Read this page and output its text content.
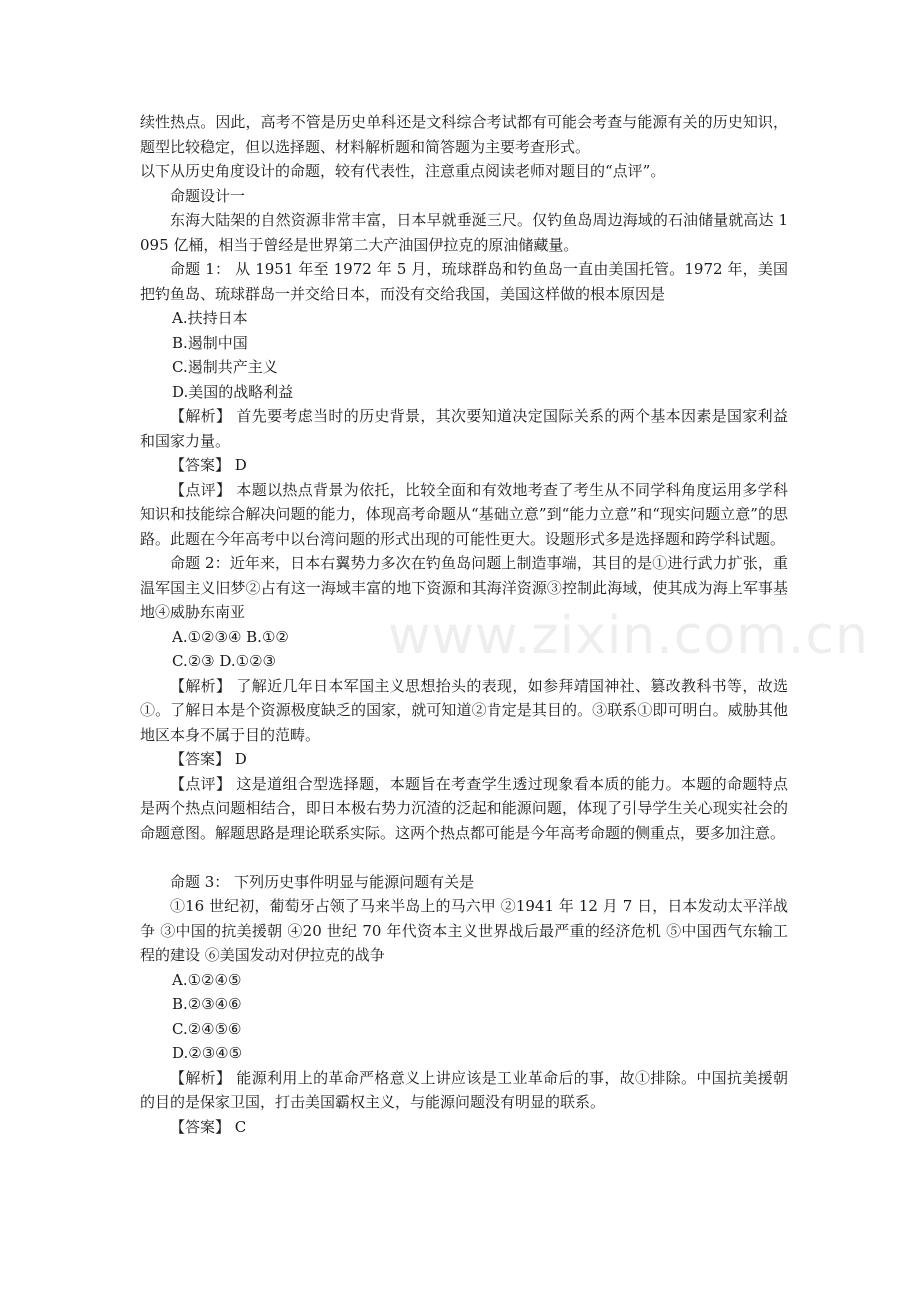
续性热点。因此，高考不管是历史单科还是文科综合考试都有可能会考查与能源有关的历史知识，题型比较稳定，但以选择题、材料解析题和简答题为主要考查形式。

以下从历史角度设计的命题，较有代表性，注意重点阅读老师对题目的“点评”。

命题设计一

东海大陆架的自然资源非常丰富，日本早就垂涎三尺。仅钓鱼岛周边海域的石油储量就高达 1095 亿桶，相当于曾经是世界第二大产油国伊拉克的原油储藏量。

命题 1： 从 1951 年至 1972 年 5 月，琉球群岛和钓鱼岛一直由美国托管。1972 年，美国把钓鱼岛、琉球群岛一并交给日本，而没有交给我国，美国这样做的根本原因是

A.扶持日本

B.遏制中国

C.遏制共产主义

D.美国的战略利益

【解析】 首先要考虑当时的历史背景，其次要知道决定国际关系的两个基本因素是国家利益和国家力量。

【答案】 D

【点评】 本题以热点背景为依托，比较全面和有效地考查了考生从不同学科角度运用多学科知识和技能综合解决问题的能力，体现高考命题从“基础立意”到“能力立意”和“现实问题立意”的思路。此题在今年高考中以台湾问题的形式出现的可能性更大。设题形式多是选择题和跨学科试题。

命题 2：近年来，日本右翼势力多次在钓鱼岛问题上制造事端，其目的是①进行武力扩张，重温军国主义旧梦②占有这一海域丰富的地下资源和其海洋资源③控制此海域，使其成为海上军事基地④威胁东南亚

A.①②③④ B.①②

C.②③ D.①②③

【解析】 了解近几年日本军国主义思想抬头的表现，如参拜靖国神社、篡改教科书等，故选①。了解日本是个资源极度缺乏的国家，就可知道②肯定是其目的。③联系①即可明白。威胁其他地区本身不属于目的范畴。

【答案】 D

【点评】 这是道组合型选择题，本题旨在考查学生透过现象看本质的能力。本题的命题特点是两个热点问题相结合，即日本极右势力沉渣的泛起和能源问题，体现了引导学生关心现实社会的命题意图。解题思路是理论联系实际。这两个热点都可能是今年高考命题的侧重点，要多加注意。

命题 3： 下列历史事件明显与能源问题有关是

①16 世纪初，葡萄牙占领了马来半岛上的马六甲 ②1941 年 12 月 7 日，日本发动太平洋战争 ③中国的抗美援朝 ④20 世纪 70 年代资本主义世界战后最严重的经济危机 ⑤中国西气东输工程的建设 ⑥美国发动对伊拉克的战争

A.①②④⑤

B.②③④⑥

C.②④⑤⑥

D.②③④⑤

【解析】 能源利用上的革命严格意义上讲应该是工业革命后的事，故①排除。中国抗美援朝的目的是保家卫国，打击美国霸权主义，与能源问题没有明显的联系。

【答案】 C

www.zixin.com.cn
